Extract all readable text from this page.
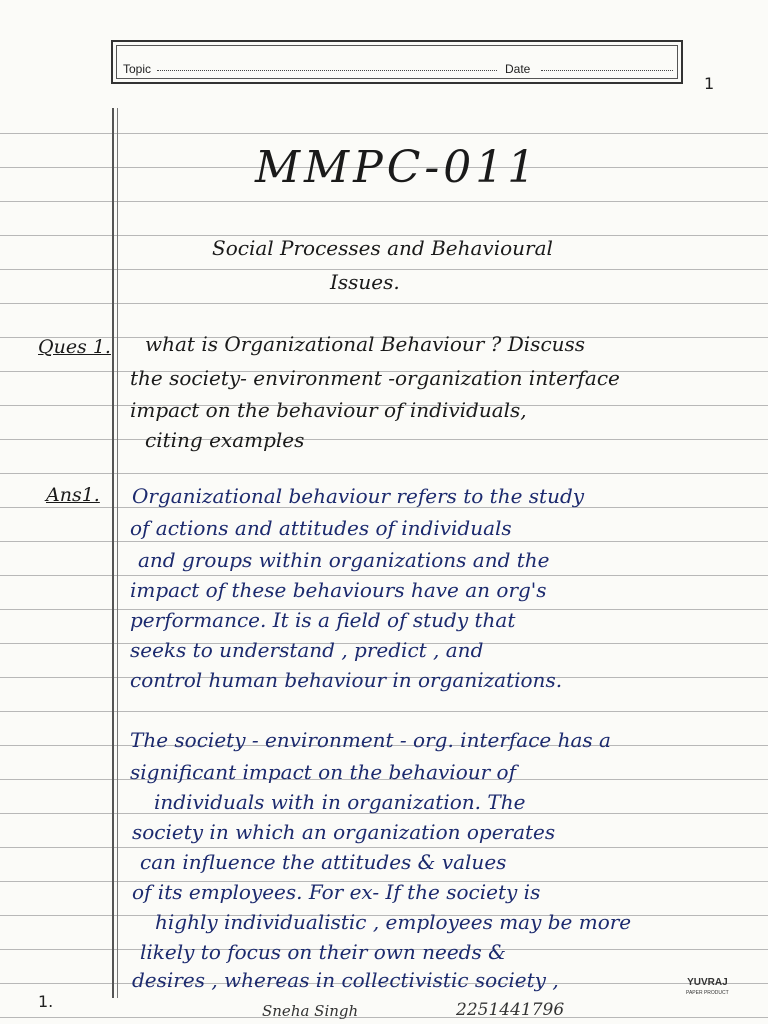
Topic	Date
1
MMPC-011
Social Processes and Behavioural
Issues.
Ques 1. what is Organizational Behaviour ? Discuss
the society- environment -organization interface
impact on the behaviour of individuals,
citing examples
Ans1. Organizational behaviour refers to the study
of actions and attitudes of individuals
and groups within organizations and the
impact of these behaviours have an org's
performance. It is a field of study that
seeks to understand , predict , and
control human behaviour in organizations.
The society - environment - org. interface has a
significant impact on the behaviour of
individuals with in organization. The
society in which an organization operates
can influence the attitudes & values
of its employees. For ex- If the society is
highly individualistic , employees may be more
likely to focus on their own needs &
desires , whereas in collectivistic society ,
1.	Sneha Singh	2251441796
YUVRAJ
PAPER PRODUCT
